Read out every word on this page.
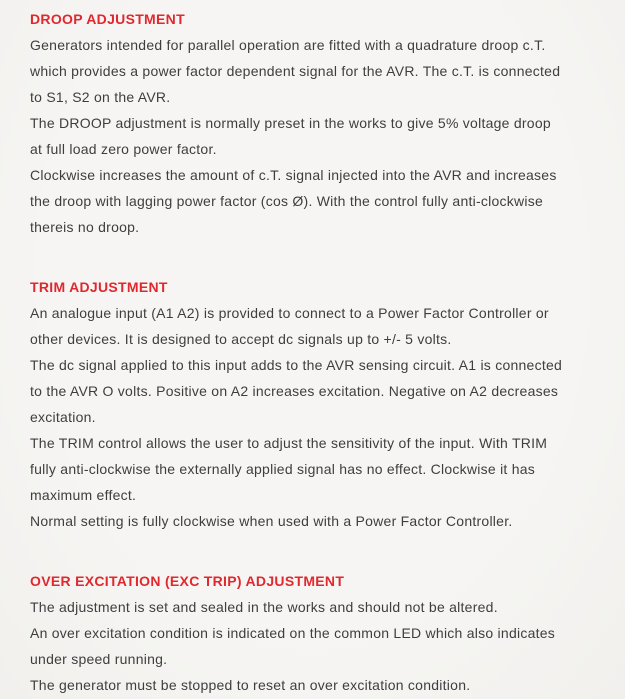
DROOP ADJUSTMENT
Generators intended for parallel operation are fitted with a quadrature droop c.T.
which provides a power factor dependent signal for the AVR. The c.T. is connected
to S1, S2 on the AVR.
The DROOP adjustment is normally preset in the works to give 5% voltage droop
at full load zero power factor.
Clockwise increases the amount of c.T. signal injected into the AVR and increases
the droop with lagging power factor (cos Ø). With the control fully anti-clockwise
thereis no droop.
TRIM ADJUSTMENT
An analogue input (A1 A2) is provided to connect to a Power Factor Controller or
other devices. It is designed to accept dc signals up to +/- 5 volts.
The dc signal applied to this input adds to the AVR sensing circuit. A1 is connected
to the AVR O volts. Positive on A2 increases excitation. Negative on A2 decreases
excitation.
The TRIM control allows the user to adjust the sensitivity of the input. With TRIM
fully anti-clockwise the externally applied signal has no effect. Clockwise it has
maximum effect.
Normal setting is fully clockwise when used with a Power Factor Controller.
OVER EXCITATION (EXC TRIP) ADJUSTMENT
The adjustment is set and sealed in the works and should not be altered.
An over excitation condition is indicated on the common LED which also indicates
under speed running.
The generator must be stopped to reset an over excitation condition.
